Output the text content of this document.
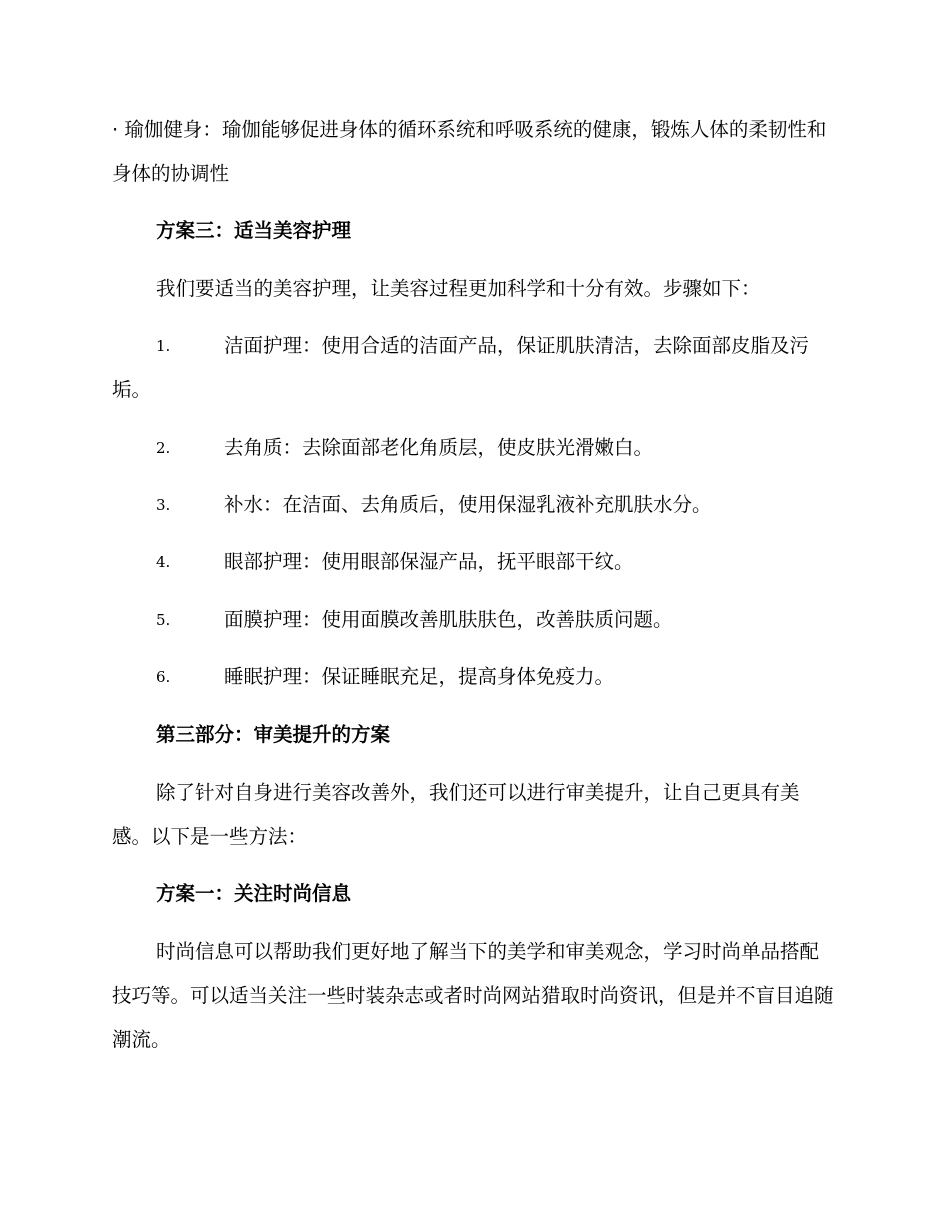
· 瑜伽健身：瑜伽能够促进身体的循环系统和呼吸系统的健康，锻炼人体的柔韧性和身体的协调性

方案三：适当美容护理

我们要适当的美容护理，让美容过程更加科学和十分有效。步骤如下：

1.	洁面护理：使用合适的洁面产品，保证肌肤清洁，去除面部皮脂及污垢。
2.	去角质：去除面部老化角质层，使皮肤光滑嫩白。
3.	补水：在洁面、去角质后，使用保湿乳液补充肌肤水分。
4.	眼部护理：使用眼部保湿产品，抚平眼部干纹。
5.	面膜护理：使用面膜改善肌肤肤色，改善肤质问题。
6.	睡眠护理：保证睡眠充足，提高身体免疫力。
第三部分：审美提升的方案

除了针对自身进行美容改善外，我们还可以进行审美提升，让自己更具有美感。以下是一些方法：

方案一：关注时尚信息

时尚信息可以帮助我们更好地了解当下的美学和审美观念，学习时尚单品搭配技巧等。可以适当关注一些时装杂志或者时尚网站猎取时尚资讯，但是并不盲目追随潮流。
